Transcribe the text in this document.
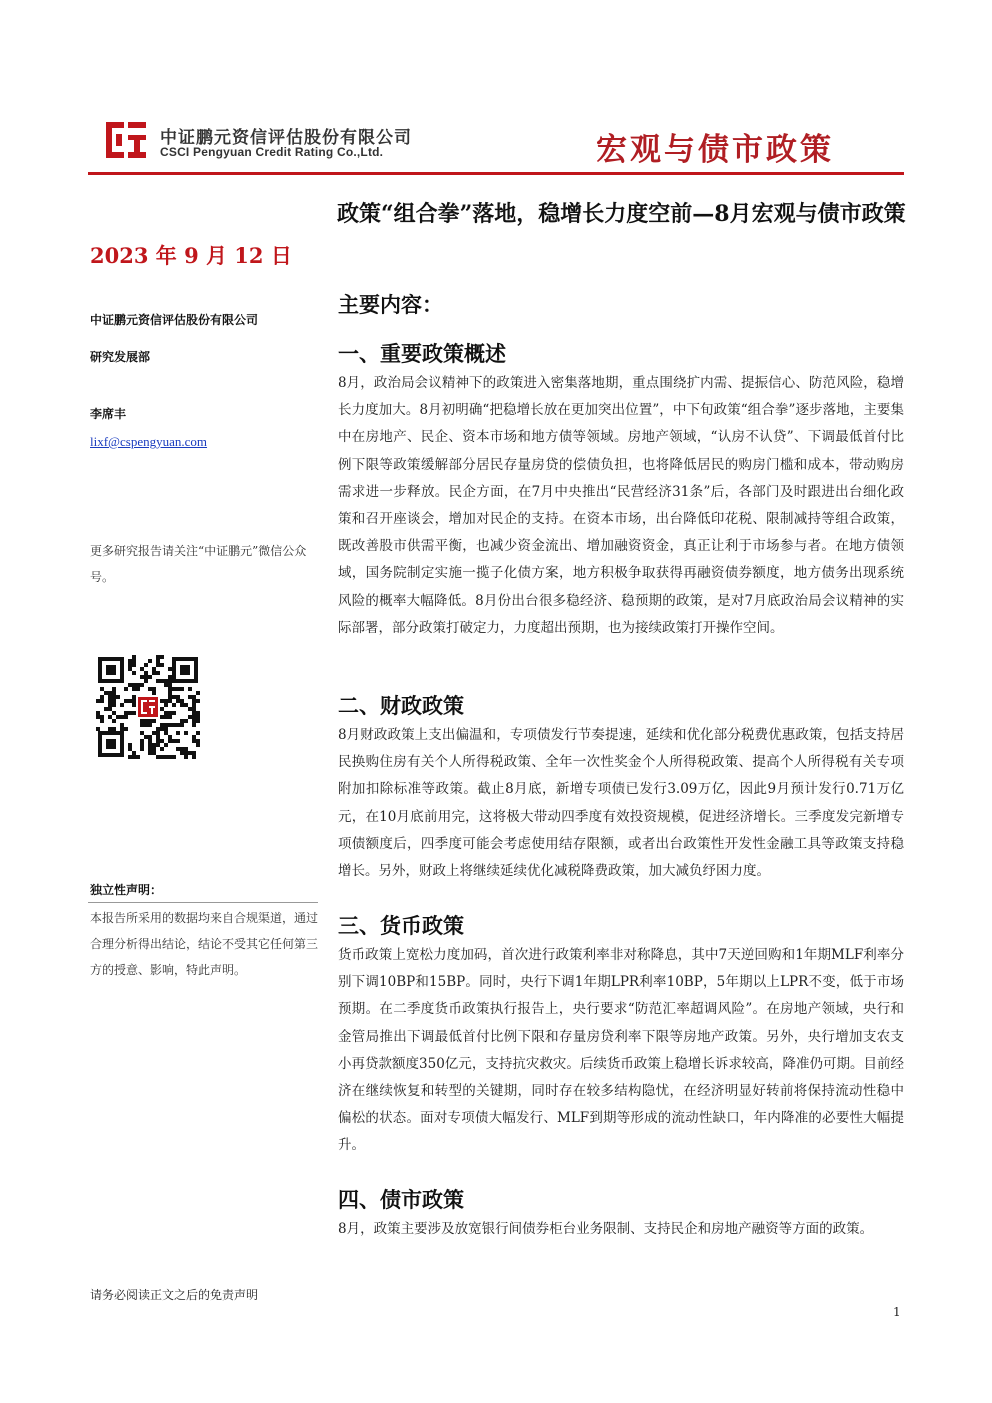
中证鹏元资信评估股份有限公司
CSCI Pengyuan Credit Rating Co.,Ltd.	宏观与债市政策
政策“组合拳”落地，稳增长力度空前—8月宏观与债市政策
2023 年 9 月 12 日
中证鹏元资信评估股份有限公司
研究发展部
李席丰
lixf@cspengyuan.com
更多研究报告请关注“中证鹏元”微信公众号。
独立性声明：
本报告所采用的数据均来自合规渠道，通过合理分析得出结论，结论不受其它任何第三方的授意、影响，特此声明。
主要内容：
一、重要政策概述
8月，政治局会议精神下的政策进入密集落地期，重点围绕扩内需、提振信心、防范风险，稳增长力度加大。8月初明确“把稳增长放在更加突出位置”，中下旬政策“组合拳”逐步落地，主要集中在房地产、民企、资本市场和地方债等领域。房地产领域，“认房不认贷”、下调最低首付比例下限等政策缓解部分居民存量房贷的偿债负担，也将降低居民的购房门槛和成本，带动购房需求进一步释放。民企方面，在7月中央推出“民营经济31条”后，各部门及时跟进出台细化政策和召开座谈会，增加对民企的支持。在资本市场，出台降低印花税、限制减持等组合政策，既改善股市供需平衡，也减少资金流出、增加融资资金，真正让利于市场参与者。在地方债领域，国务院制定实施一揽子化债方案，地方积极争取获得再融资债券额度，地方债务出现系统风险的概率大幅降低。8月份出台很多稳经济、稳预期的政策，是对7月底政治局会议精神的实际部署，部分政策打破定力，力度超出预期，也为接续政策打开操作空间。
二、财政政策
8月财政政策上支出偏温和，专项债发行节奏提速，延续和优化部分税费优惠政策，包括支持居民换购住房有关个人所得税政策、全年一次性奖金个人所得税政策、提高个人所得税有关专项附加扣除标准等政策。截止8月底，新增专项债已发行3.09万亿，因此9月预计发行0.71万亿元，在10月底前用完，这将极大带动四季度有效投资规模，促进经济增长。三季度发完新增专项债额度后，四季度可能会考虑使用结存限额，或者出台政策性开发性金融工具等政策支持稳增长。另外，财政上将继续延续优化减税降费政策，加大减负纾困力度。
三、货币政策
货币政策上宽松力度加码，首次进行政策利率非对称降息，其中7天逆回购和1年期MLF利率分别下调10BP和15BP。同时，央行下调1年期LPR利率10BP，5年期以上LPR不变，低于市场预期。在二季度货币政策执行报告上，央行要求“防范汇率超调风险”。在房地产领域，央行和金管局推出下调最低首付比例下限和存量房贷利率下限等房地产政策。另外，央行增加支农支小再贷款额度350亿元，支持抗灾救灾。后续货币政策上稳增长诉求较高，降准仍可期。目前经济在继续恢复和转型的关键期，同时存在较多结构隐忧，在经济明显好转前将保持流动性稳中偏松的状态。面对专项债大幅发行、MLF到期等形成的流动性缺口，年内降准的必要性大幅提升。
四、债市政策
8月，政策主要涉及放宽银行间债券柜台业务限制、支持民企和房地产融资等方面的政策。
请务必阅读正文之后的免责声明
1
